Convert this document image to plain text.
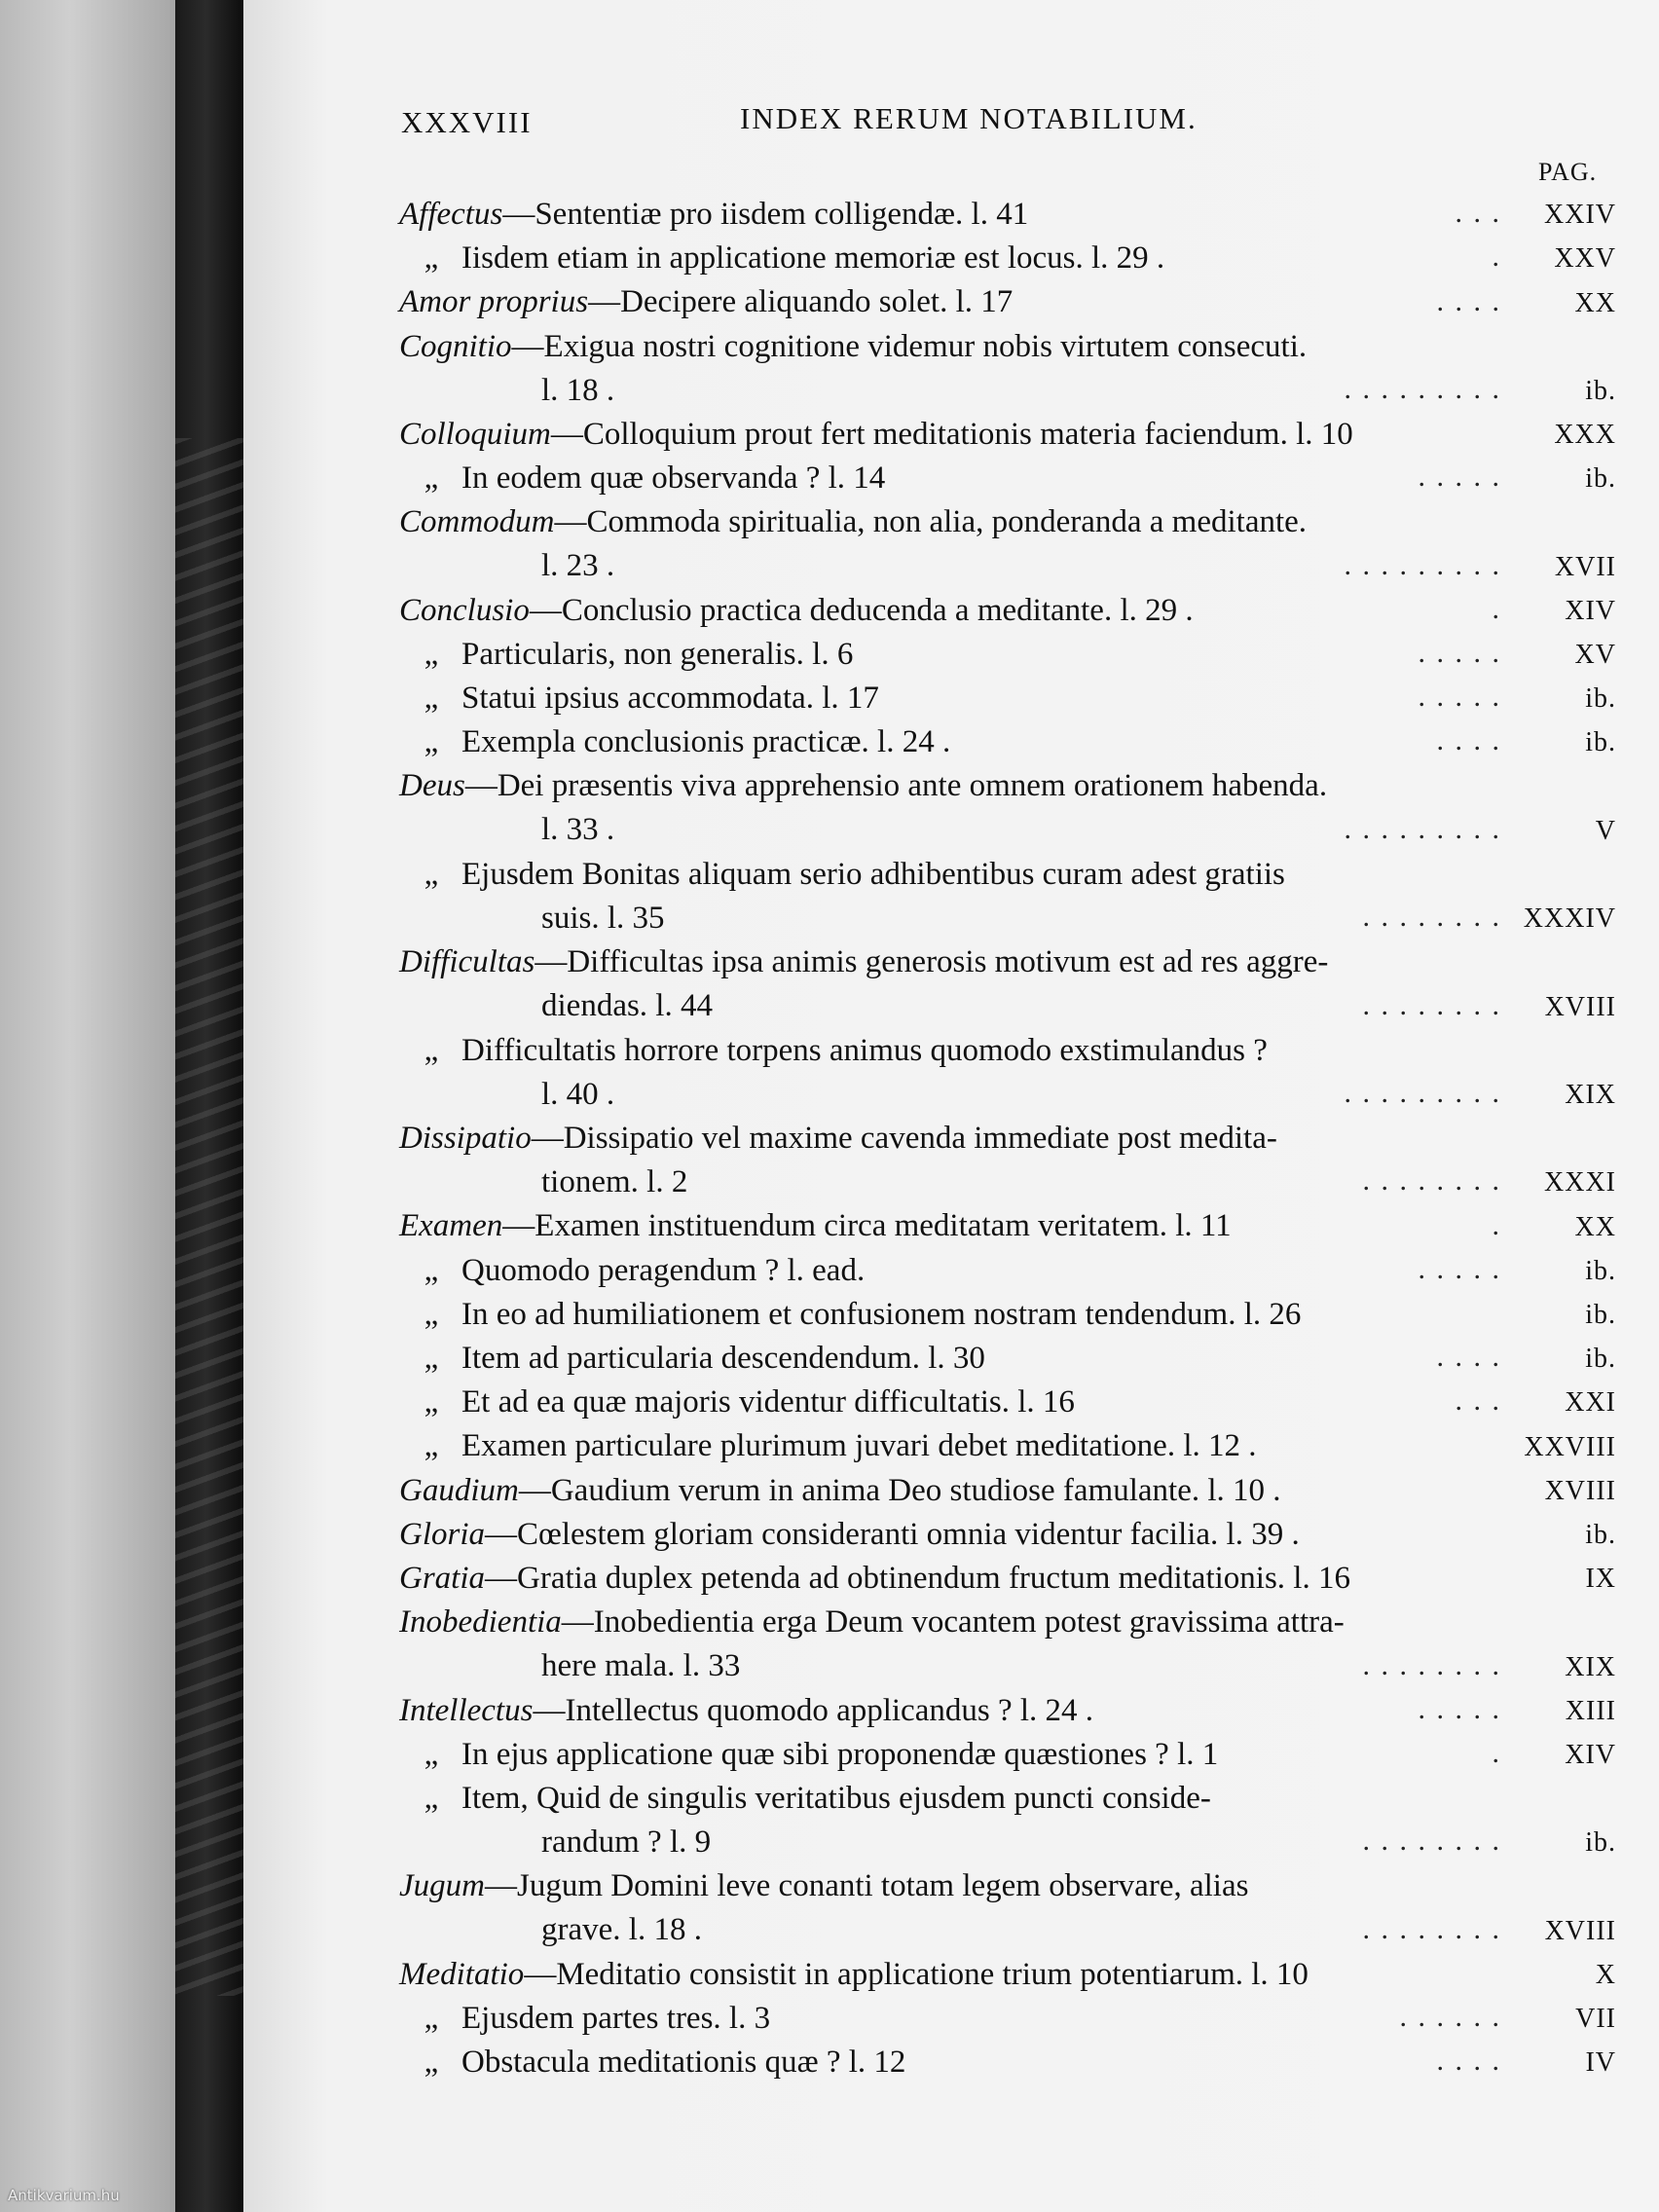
XXXVIII	INDEX RERUM NOTABILIUM.
PAG.
Affectus—Sententiæ pro iisdem colligendæ. l. 41	. . .	XXIV
„ Iisdem etiam in applicatione memoriæ est locus. l. 29 .	.	XXV
Amor proprius—Decipere aliquando solet. l. 17	. . . .	XX
Cognitio—Exigua nostri cognitione videmur nobis virtutem consecuti.
l. 18 .	. . . . . . . . .	ib.
Colloquium—Colloquium prout fert meditationis materia faciendum. l. 10	XXX
„ In eodem quæ observanda ? l. 14	. . . . .	ib.
Commodum—Commoda spiritualia, non alia, ponderanda a meditante.
l. 23 .	. . . . . . . . .	XVII
Conclusio—Conclusio practica deducenda a meditante. l. 29 .	.	XIV
„ Particularis, non generalis. l. 6	. . . . .	XV
„ Statui ipsius accommodata. l. 17	. . . . .	ib.
„ Exempla conclusionis practicæ. l. 24 .	. . . .	ib.
Deus—Dei præsentis viva apprehensio ante omnem orationem habenda.
l. 33 .	. . . . . . . . .	V
„ Ejusdem Bonitas aliquam serio adhibentibus curam adest gratiis
suis. l. 35	. . . . . . . . XXXIV
Difficultas—Difficultas ipsa animis generosis motivum est ad res aggre-
diendas. l. 44	. . . . . . . .	XVIII
„ Difficultatis horrore torpens animus quomodo exstimulandus ?
l. 40 .	. . . . . . . . .	XIX
Dissipatio—Dissipatio vel maxime cavenda immediate post medita-
tionem. l. 2	. . . . . . . .	XXXI
Examen—Examen instituendum circa meditatam veritatem. l. 11	.	XX
„ Quomodo peragendum ? l. ead.	. . . . .	ib.
„ In eo ad humiliationem et confusionem nostram tendendum. l. 26	ib.
„ Item ad particularia descendendum. l. 30	. . . .	ib.
„ Et ad ea quæ majoris videntur difficultatis. l. 16	. . .	XXI
„ Examen particulare plurimum juvari debet meditatione. l. 12 .	XXVIII
Gaudium—Gaudium verum in anima Deo studiose famulante. l. 10 .	XVIII
Gloria—Cœlestem gloriam consideranti omnia videntur facilia. l. 39 .	ib.
Gratia—Gratia duplex petenda ad obtinendum fructum meditationis. l. 16	IX
Inobedientia—Inobedientia erga Deum vocantem potest gravissima attra-
here mala. l. 33	. . . . . . . .	XIX
Intellectus—Intellectus quomodo applicandus ? l. 24 .	. . . . .	XIII
„ In ejus applicatione quæ sibi proponendæ quæstiones ? l. 1	.	XIV
„ Item, Quid de singulis veritatibus ejusdem puncti conside-
randum ? l. 9	. . . . . . . .	ib.
Jugum—Jugum Domini leve conanti totam legem observare, alias
grave. l. 18 .	. . . . . . . .	XVIII
Meditatio—Meditatio consistit in applicatione trium potentiarum. l. 10	X
„ Ejusdem partes tres. l. 3	. . . . . .	VII
„ Obstacula meditationis quæ ? l. 12	. . . .	IV
Antikvarium.hu
